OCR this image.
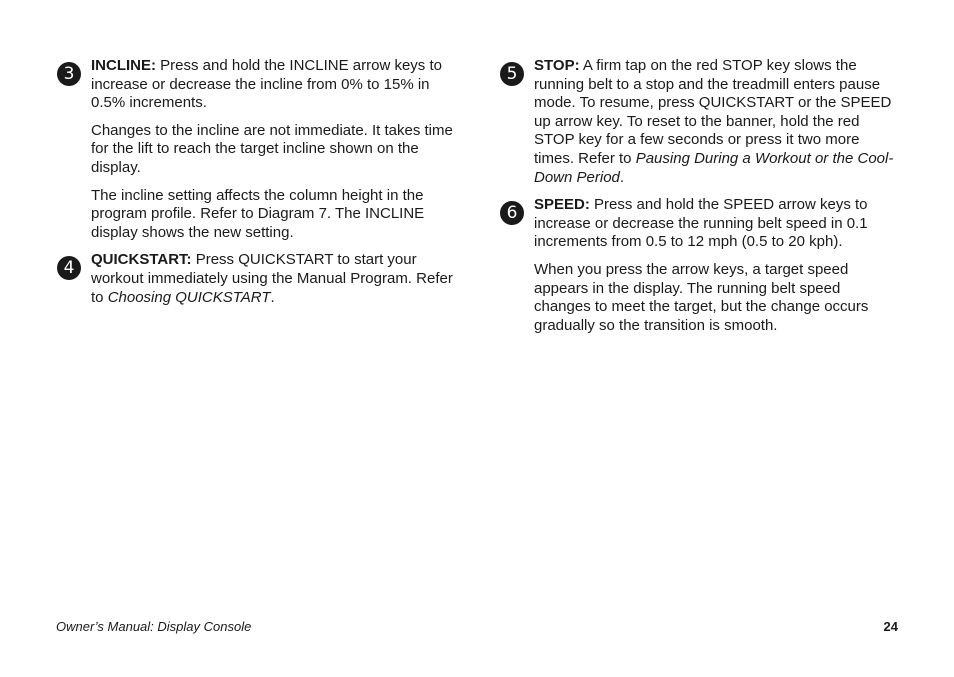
3	INCLINE: Press and hold the INCLINE arrow keys to increase or decrease the incline from 0% to 15% in 0.5% increments.

Changes to the incline are not immediate. It takes time for the lift to reach the target incline shown on the display.

The incline setting affects the column height in the program profile. Refer to Diagram 7. The INCLINE display shows the new setting.

4	QUICKSTART: Press QUICKSTART to start your workout immediately using the Manual Program. Refer to Choosing QUICKSTART.

5	STOP: A firm tap on the red STOP key slows the running belt to a stop and the treadmill enters pause mode. To resume, press QUICKSTART or the SPEED up arrow key. To reset to the banner, hold the red STOP key for a few seconds or press it two more times. Refer to Pausing During a Workout or the Cool-Down Period.

6	SPEED: Press and hold the SPEED arrow keys to increase or decrease the running belt speed in 0.1 increments from 0.5 to 12 mph (0.5 to 20 kph).

When you press the arrow keys, a target speed appears in the display. The running belt speed changes to meet the target, but the change occurs gradually so the transition is smooth.

Owner’s Manual: Display Console	24
